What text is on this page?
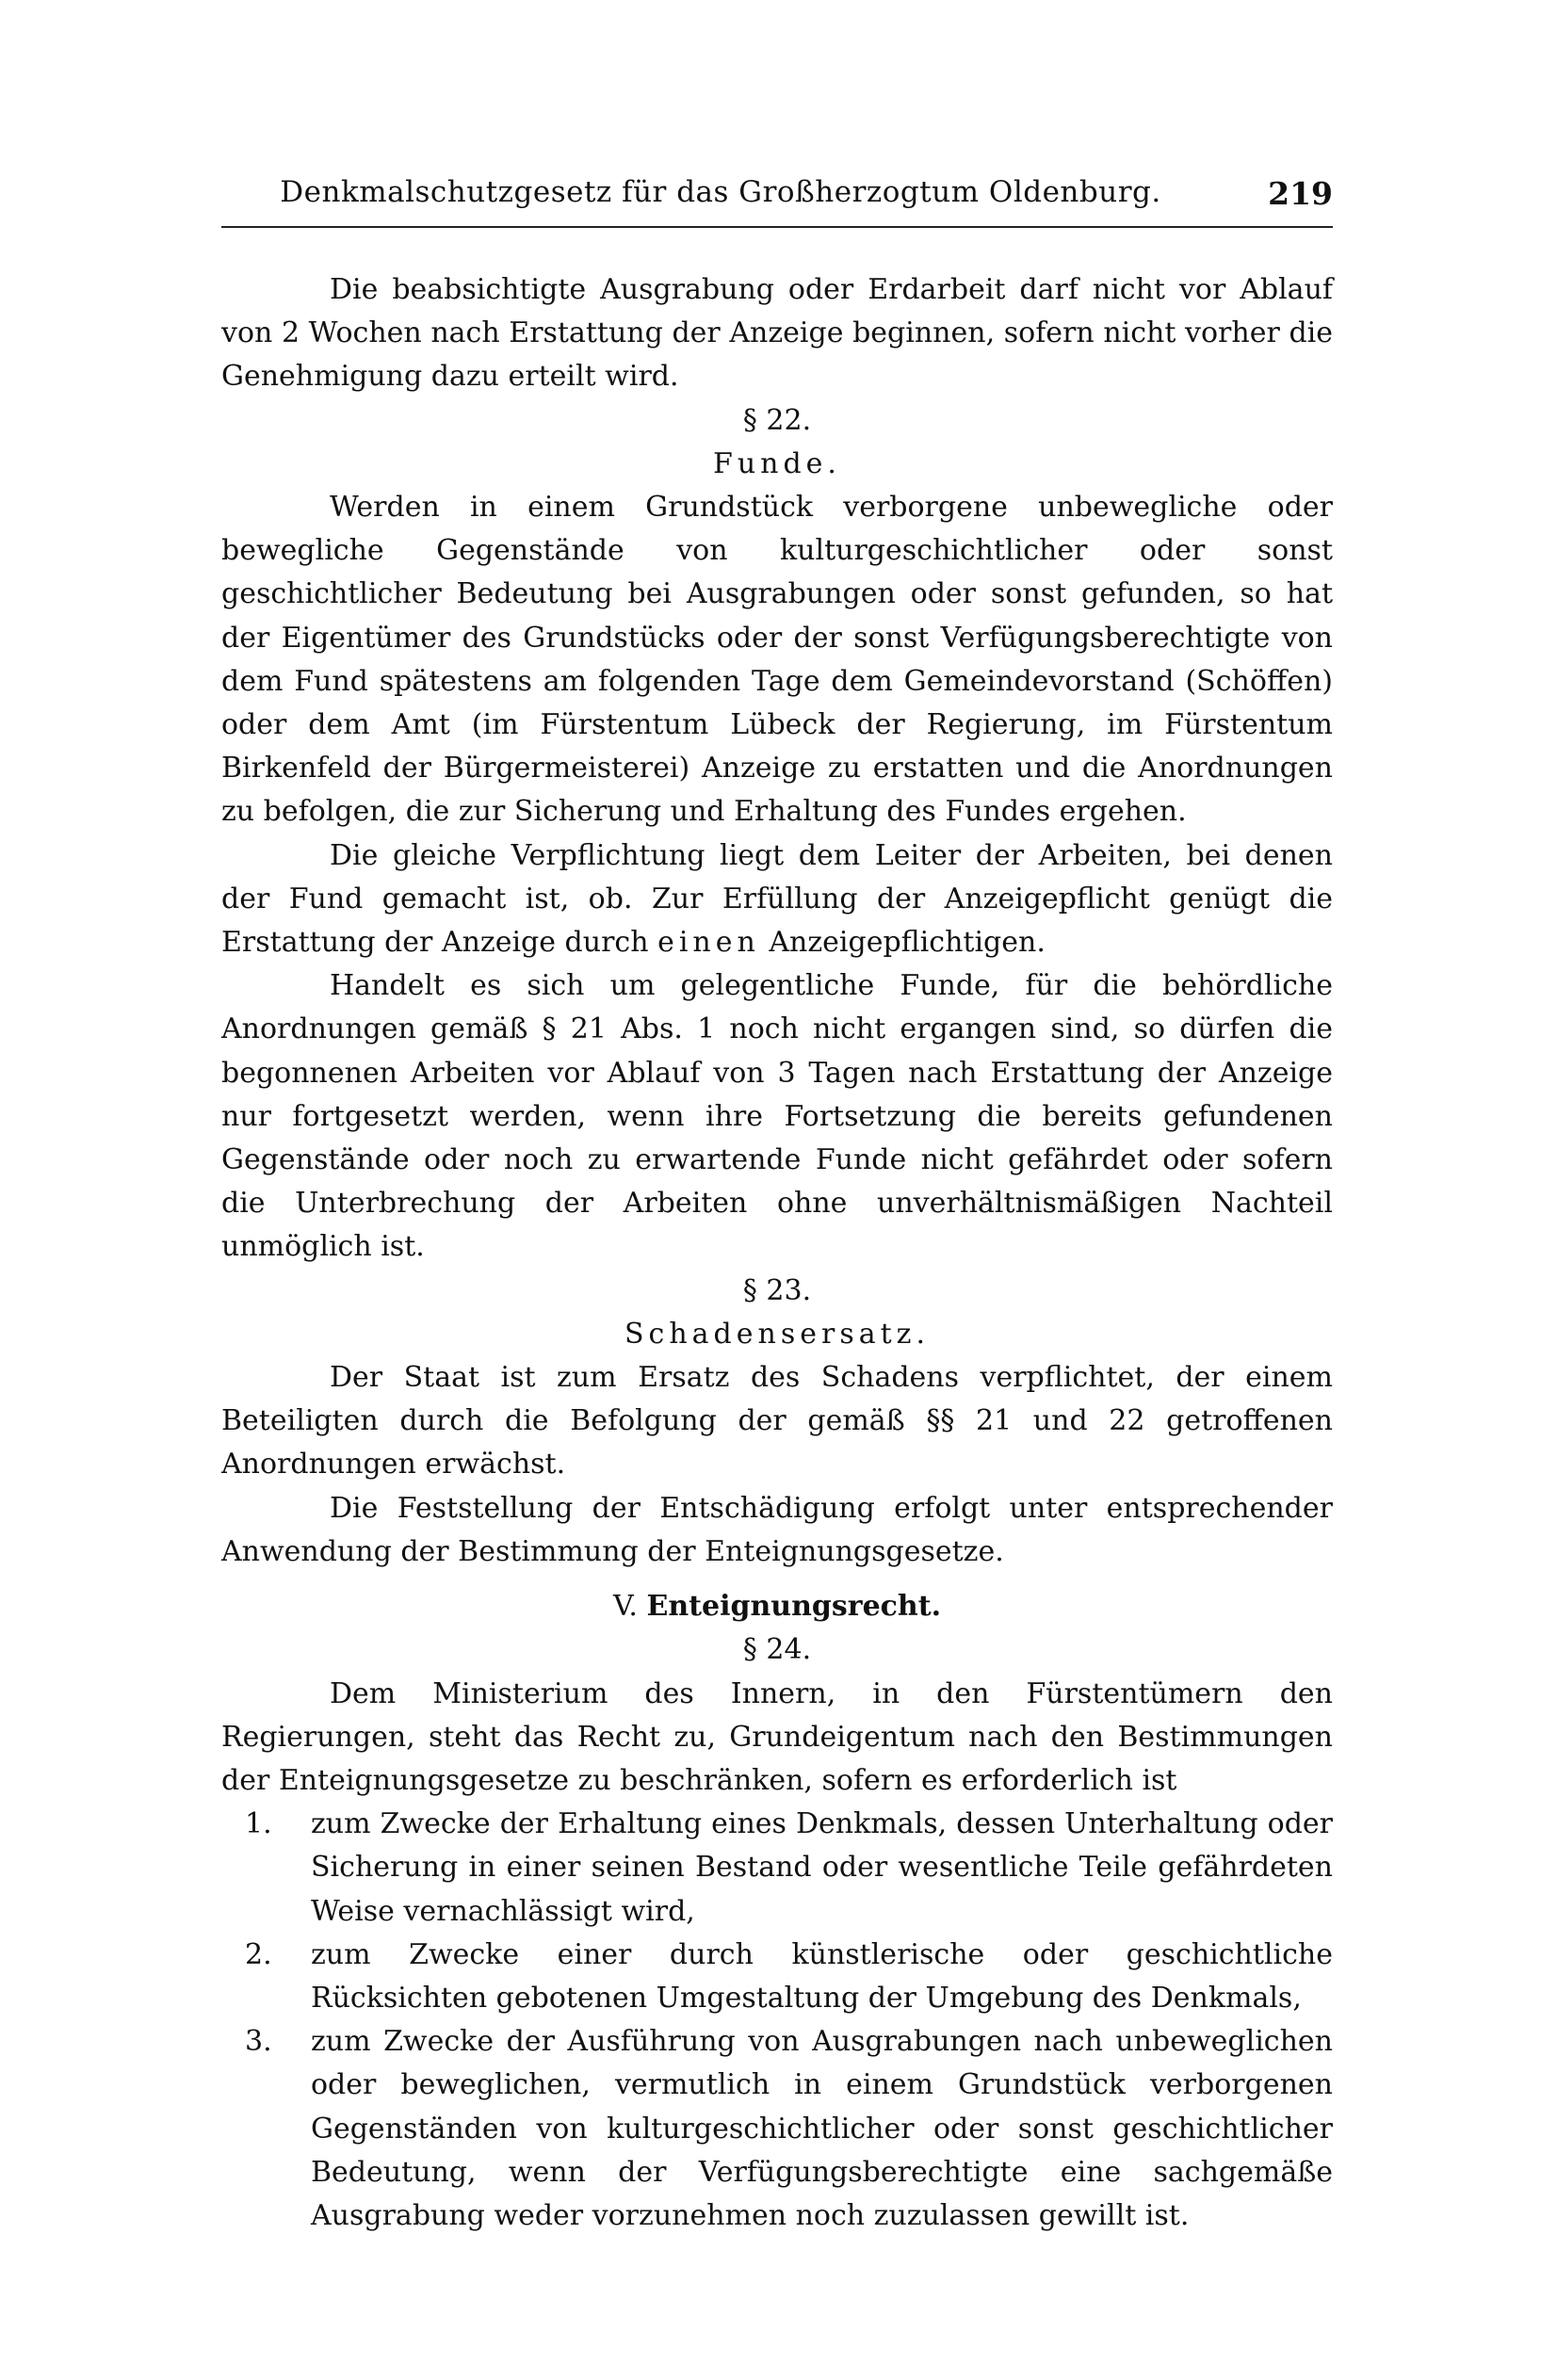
Denkmalschutzgesetz für das Großherzogtum Oldenburg.	219

Die beabsichtigte Ausgrabung oder Erdarbeit darf nicht vor Ablauf von 2 Wochen nach Erstattung der Anzeige beginnen, sofern nicht vorher die Genehmigung dazu erteilt wird.

§ 22.
Funde.

Werden in einem Grundstück verborgene unbewegliche oder bewegliche Gegenstände von kulturgeschichtlicher oder sonst geschichtlicher Bedeutung bei Ausgrabungen oder sonst gefunden, so hat der Eigentümer des Grundstücks oder der sonst Verfügungsberechtigte von dem Fund spätestens am folgenden Tage dem Gemeindevorstand (Schöffen) oder dem Amt (im Fürstentum Lübeck der Regierung, im Fürstentum Birkenfeld der Bürgermeisterei) Anzeige zu erstatten und die Anordnungen zu befolgen, die zur Sicherung und Erhaltung des Fundes ergehen.

Die gleiche Verpflichtung liegt dem Leiter der Arbeiten, bei denen der Fund gemacht ist, ob. Zur Erfüllung der Anzeigepflicht genügt die Erstattung der Anzeige durch einen Anzeigepflichtigen.

Handelt es sich um gelegentliche Funde, für die behördliche Anordnungen gemäß § 21 Abs. 1 noch nicht ergangen sind, so dürfen die begonnenen Arbeiten vor Ablauf von 3 Tagen nach Erstattung der Anzeige nur fortgesetzt werden, wenn ihre Fortsetzung die bereits gefundenen Gegenstände oder noch zu erwartende Funde nicht gefährdet oder sofern die Unterbrechung der Arbeiten ohne unverhältnismäßigen Nachteil unmöglich ist.

§ 23.
Schadensersatz.

Der Staat ist zum Ersatz des Schadens verpflichtet, der einem Beteiligten durch die Befolgung der gemäß §§ 21 und 22 getroffenen Anordnungen erwächst.

Die Feststellung der Entschädigung erfolgt unter entsprechender Anwendung der Bestimmung der Enteignungsgesetze.

V. Enteignungsrecht.
§ 24.

Dem Ministerium des Innern, in den Fürstentümern den Regierungen, steht das Recht zu, Grundeigentum nach den Bestimmungen der Enteignungsgesetze zu beschränken, sofern es erforderlich ist

1.	zum Zwecke der Erhaltung eines Denkmals, dessen Unterhaltung oder Sicherung in einer seinen Bestand oder wesentliche Teile gefährdeten Weise vernachlässigt wird,
2.	zum Zwecke einer durch künstlerische oder geschichtliche Rücksichten gebotenen Umgestaltung der Umgebung des Denkmals,
3.	zum Zwecke der Ausführung von Ausgrabungen nach unbeweglichen oder beweglichen, vermutlich in einem Grundstück verborgenen Gegenständen von kulturgeschichtlicher oder sonst geschichtlicher Bedeutung, wenn der Verfügungsberechtigte eine sachgemäße Ausgrabung weder vorzunehmen noch zuzulassen gewillt ist.
